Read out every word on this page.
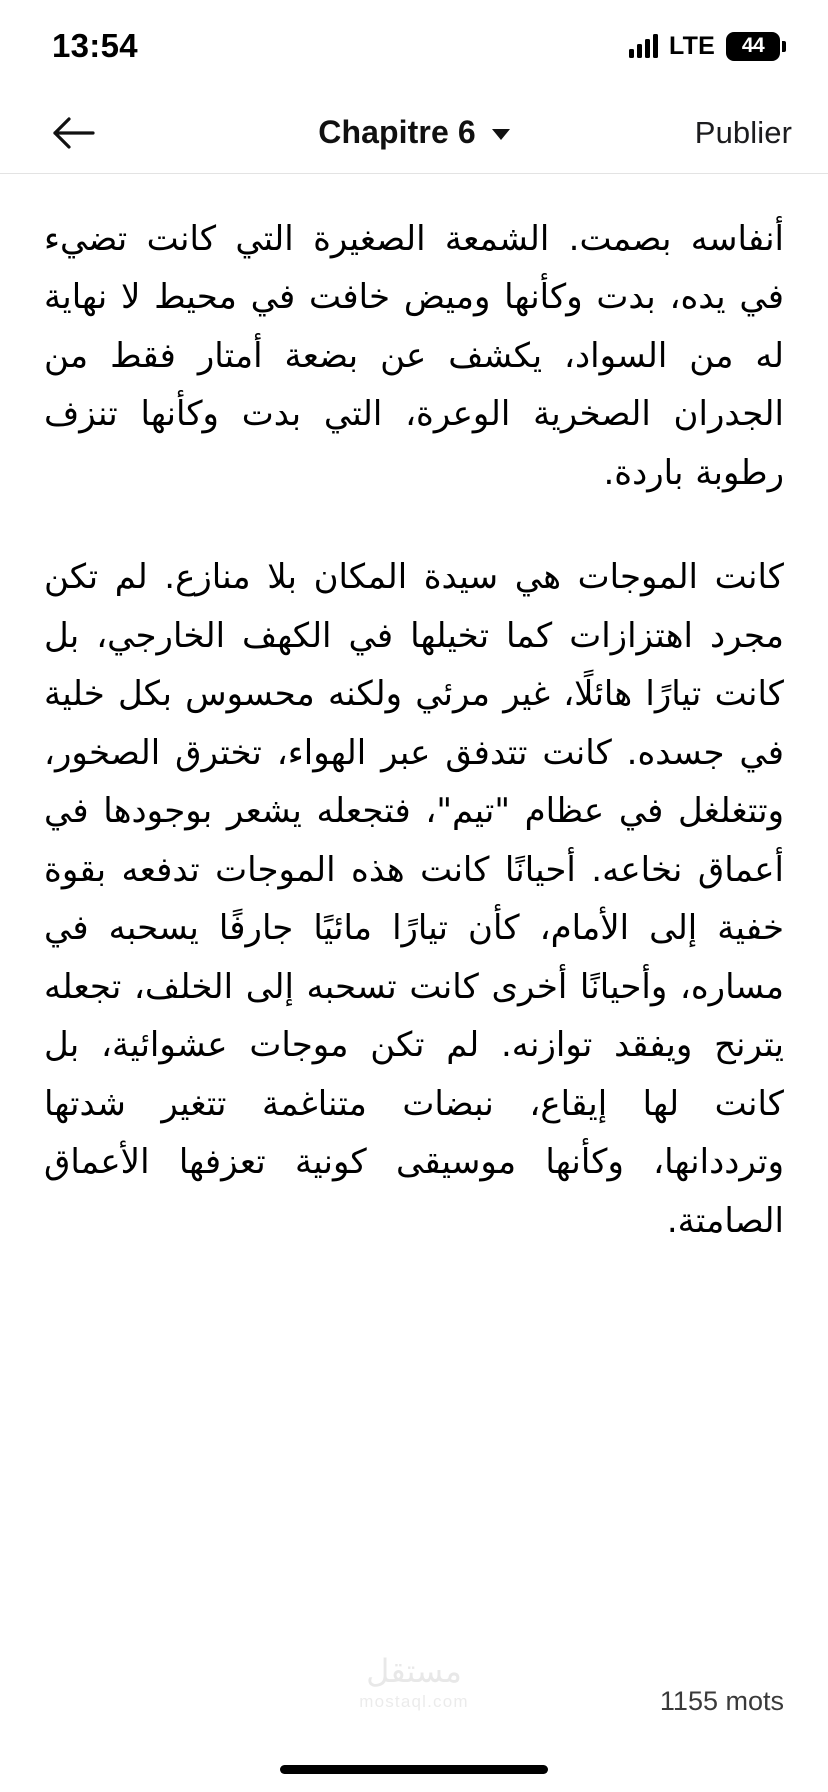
13:54	LTE 44
Chapitre 6	Publier

أنفاسه بصمت. الشمعة الصغيرة التي كانت تضيء في يده، بدت وكأنها وميض خافت في محيط لا نهاية له من السواد، يكشف عن بضعة أمتار فقط من الجدران الصخرية الوعرة، التي بدت وكأنها تنزف رطوبة باردة.

كانت الموجات هي سيدة المكان بلا منازع. لم تكن مجرد اهتزازات كما تخيلها في الكهف الخارجي، بل كانت تيارًا هائلًا، غير مرئي ولكنه محسوس بكل خلية في جسده. كانت تتدفق عبر الهواء، تخترق الصخور، وتتغلغل في عظام "تيم"، فتجعله يشعر بوجودها في أعماق نخاعه. أحيانًا كانت هذه الموجات تدفعه بقوة خفية إلى الأمام، كأن تيارًا مائيًا جارفًا يسحبه في مساره، وأحيانًا أخرى كانت تسحبه إلى الخلف، تجعله يترنح ويفقد توازنه. لم تكن موجات عشوائية، بل كانت لها إيقاع، نبضات متناغمة تتغير شدتها وترددانها، وكأنها موسيقى كونية تعزفها الأعماق الصامتة.

مستقل
mostaql.com	1155 mots
